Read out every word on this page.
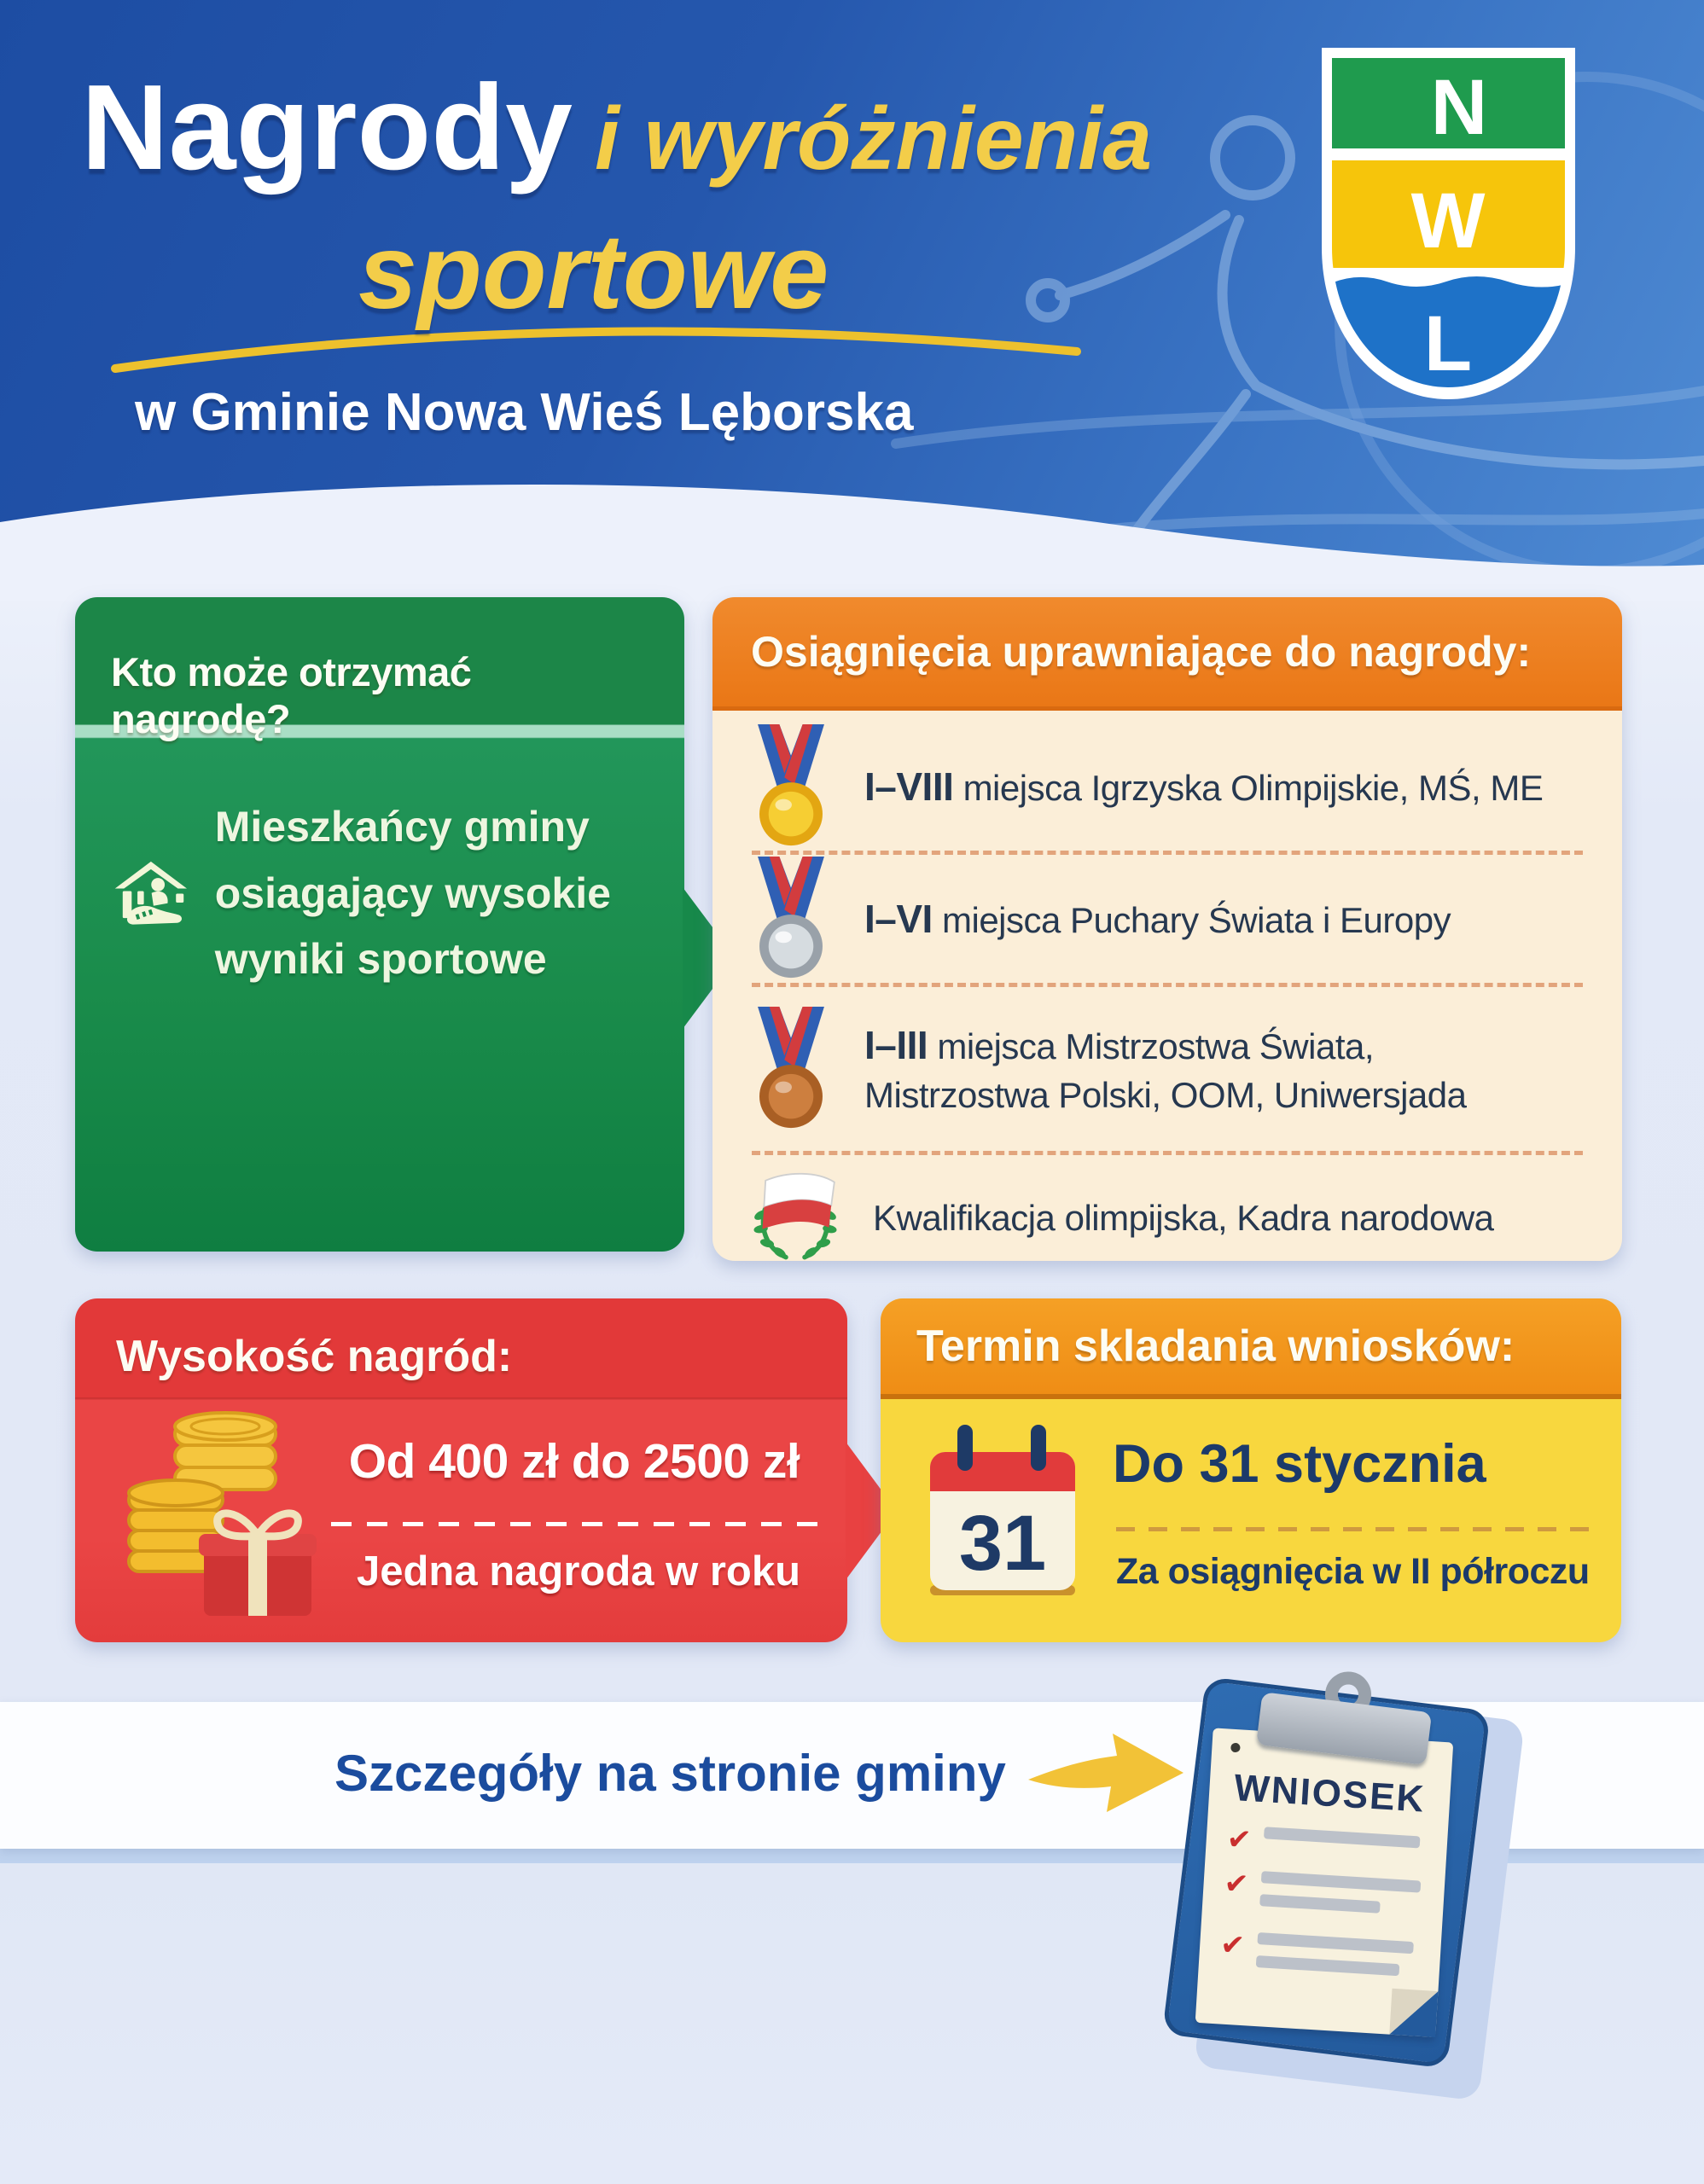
Nagrody i wyróżnienia
sportowe
w Gminie Nowa Wieś Lęborska
N
W
L
Kto może otrzymać nagrodę?
Mieszkańcy gminy osiagający wysokie wyniki sportowe
Osiągnięcia uprawniające do nagrody:
I–VIII miejsca Igrzyska Olimpijskie, MŚ, ME
I–VI miejsca Puchary Świata i Europy
I–III miejsca Mistrzostwa Świata, Mistrzostwa Polski, OOM, Uniwersjada
Kwalifikacja olimpijska, Kadra narodowa
Wysokość nagród:
Od 400 zł do 2500 zł
Jedna nagroda w roku
Termin skladania wniosków:
31
Do 31 stycznia
Za osiągnięcia w II półroczu
Szczegóły na stronie gminy	WNIOSEK
✔
✔
✔
